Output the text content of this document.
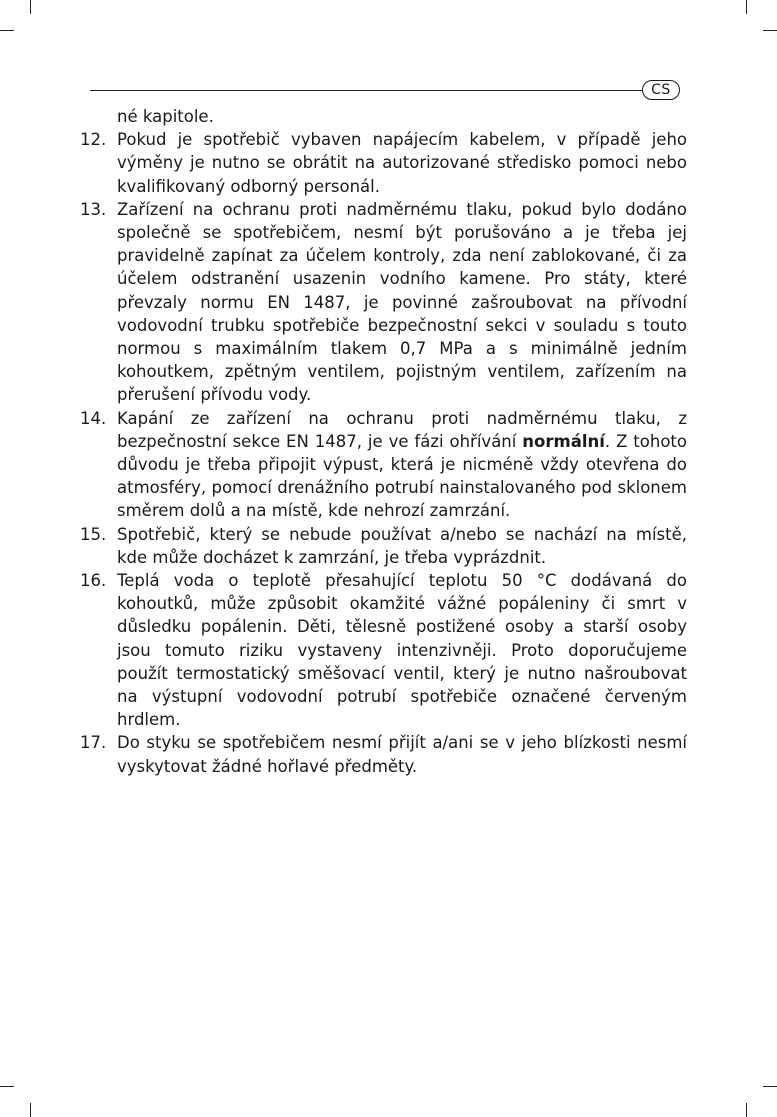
CS
né kapitole.
12. Pokud je spotřebič vybaven napájecím kabelem, v případě jeho výměny je nutno se obrátit na autorizované středisko pomoci nebo kvalifikovaný odborný personál.
13. Zařízení na ochranu proti nadměrnému tlaku, pokud bylo dodáno společně se spotřebičem, nesmí být porušováno a je třeba jej pravidelně zapínat za účelem kontroly, zda není zablokované, či za účelem odstranění usazenin vodního kamene. Pro státy, které převzaly normu EN 1487, je povinné zašroubovat na přívodní vodovodní trubku spotřebiče bezpečnostní sekci v souladu s touto normou s maximálním tlakem 0,7 MPa a s minimálně jedním kohoutkem, zpětným ventilem, pojistným ventilem, zařízením na přerušení přívodu vody.
14. Kapání ze zařízení na ochranu proti nadměrnému tlaku, z bezpečnostní sekce EN 1487, je ve fázi ohřívání normální. Z tohoto důvodu je třeba připojit výpust, která je nicméně vždy otevřena do atmosféry, pomocí drenážního potrubí nainstalovaného pod sklonem směrem dolů a na místě, kde nehrozí zamrzání.
15. Spotřebič, který se nebude používat a/nebo se nachází na místě, kde může docházet k zamrzání, je třeba vyprázdnit.
16. Teplá voda o teplotě přesahující teplotu 50 °C dodávaná do kohoutků, může způsobit okamžité vážné popáleniny či smrt v důsledku popálenin. Děti, tělesně postižené osoby a starší osoby jsou tomuto riziku vystaveny intenzivněji. Proto doporučujeme použít termostatický směšovací ventil, který je nutno našroubovat na výstupní vodovodní potrubí spotřebiče označené červeným hrdlem.
17. Do styku se spotřebičem nesmí přijít a/ani se v jeho blízkosti nesmí vyskytovat žádné hořlavé předměty.
